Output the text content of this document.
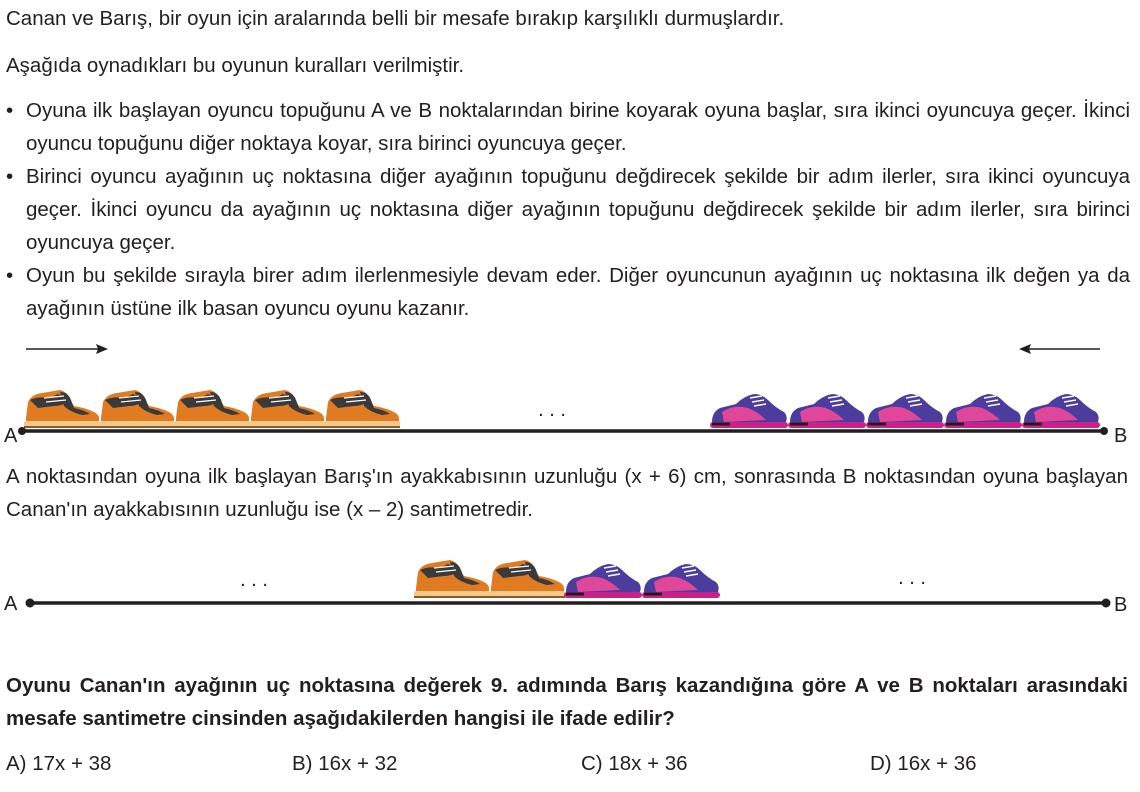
Canan ve Barış, bir oyun için aralarında belli bir mesafe bırakıp karşılıklı durmuşlardır.

Aşağıda oynadıkları bu oyunun kuralları verilmiştir.

• Oyuna ilk başlayan oyuncu topuğunu A ve B noktalarından birine koyarak oyuna başlar, sıra ikinci oyuncuya geçer. İkinci oyuncu topuğunu diğer noktaya koyar, sıra birinci oyuncuya geçer.
• Birinci oyuncu ayağının uç noktasına diğer ayağının topuğunu değdirecek şekilde bir adım ilerler, sıra ikinci oyuncuya geçer. İkinci oyuncu da ayağının uç noktasına diğer ayağının topuğunu değdirecek şekilde bir adım ilerler, sıra birinci oyuncuya geçer.
• Oyun bu şekilde sırayla birer adım ilerlenmesiyle devam eder. Diğer oyuncunun ayağının uç noktasına ilk değen ya da ayağının üstüne ilk basan oyuncu oyunu kazanır.
. . .
A	B

A noktasından oyuna ilk başlayan Barış'ın ayakkabısının uzunluğu (x + 6) cm, sonrasında B noktasından oyuna başlayan Canan'ın ayakkabısının uzunluğu ise (x – 2) santimetredir.

. . .	. . .
A	B

Oyunu Canan'ın ayağının uç noktasına değerek 9. adımında Barış kazandığına göre A ve B noktaları arasındaki mesafe santimetre cinsinden aşağıdakilerden hangisi ile ifade edilir?

A) 17x + 38	B) 16x + 32	C) 18x + 36	D) 16x + 36
